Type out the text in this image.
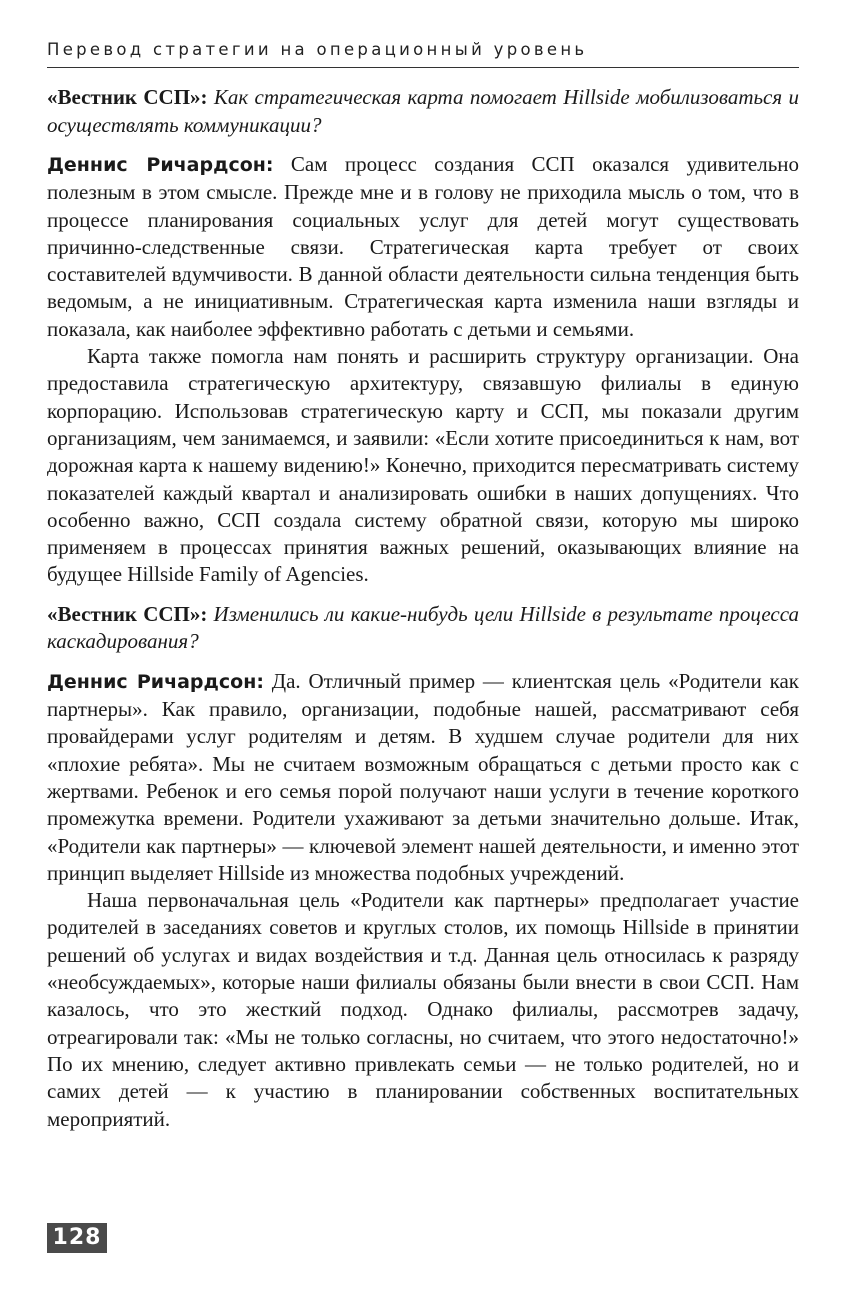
Перевод стратегии на операционный уровень

«Вестник ССП»: Как стратегическая карта помогает Hillside мобилизоваться и осуществлять коммуникации?

Деннис Ричардсон: Сам процесс создания ССП оказался удивительно полезным в этом смысле. Прежде мне и в голову не приходила мысль о том, что в процессе планирования социальных услуг для детей могут существовать причинно-следственные связи. Стратегическая карта требует от своих составителей вдумчивости. В данной области деятельности сильна тенденция быть ведомым, а не инициативным. Стратегическая карта изменила наши взгляды и показала, как наиболее эффективно работать с детьми и семьями.

Карта также помогла нам понять и расширить структуру организации. Она предоставила стратегическую архитектуру, связавшую филиалы в единую корпорацию. Использовав стратегическую карту и ССП, мы показали другим организациям, чем занимаемся, и заявили: «Если хотите присоединиться к нам, вот дорожная карта к нашему видению!» Конечно, приходится пересматривать систему показателей каждый квартал и анализировать ошибки в наших допущениях. Что особенно важно, ССП создала систему обратной связи, которую мы широко применяем в процессах принятия важных решений, оказывающих влияние на будущее Hillside Family of Agencies.

«Вестник ССП»: Изменились ли какие-нибудь цели Hillside в результате процесса каскадирования?

Деннис Ричардсон: Да. Отличный пример — клиентская цель «Родители как партнеры». Как правило, организации, подобные нашей, рассматривают себя провайдерами услуг родителям и детям. В худшем случае родители для них «плохие ребята». Мы не считаем возможным обращаться с детьми просто как с жертвами. Ребенок и его семья порой получают наши услуги в течение короткого промежутка времени. Родители ухаживают за детьми значительно дольше. Итак, «Родители как партнеры» — ключевой элемент нашей деятельности, и именно этот принцип выделяет Hillside из множества подобных учреждений.

Наша первоначальная цель «Родители как партнеры» предполагает участие родителей в заседаниях советов и круглых столов, их помощь Hillside в принятии решений об услугах и видах воздействия и т.д. Данная цель относилась к разряду «необсуждаемых», которые наши филиалы обязаны были внести в свои ССП. Нам казалось, что это жесткий подход. Однако филиалы, рассмотрев задачу, отреагировали так: «Мы не только согласны, но считаем, что этого недостаточно!» По их мнению, следует активно привлекать семьи — не только родителей, но и самих детей — к участию в планировании собственных воспитательных мероприятий.

128
